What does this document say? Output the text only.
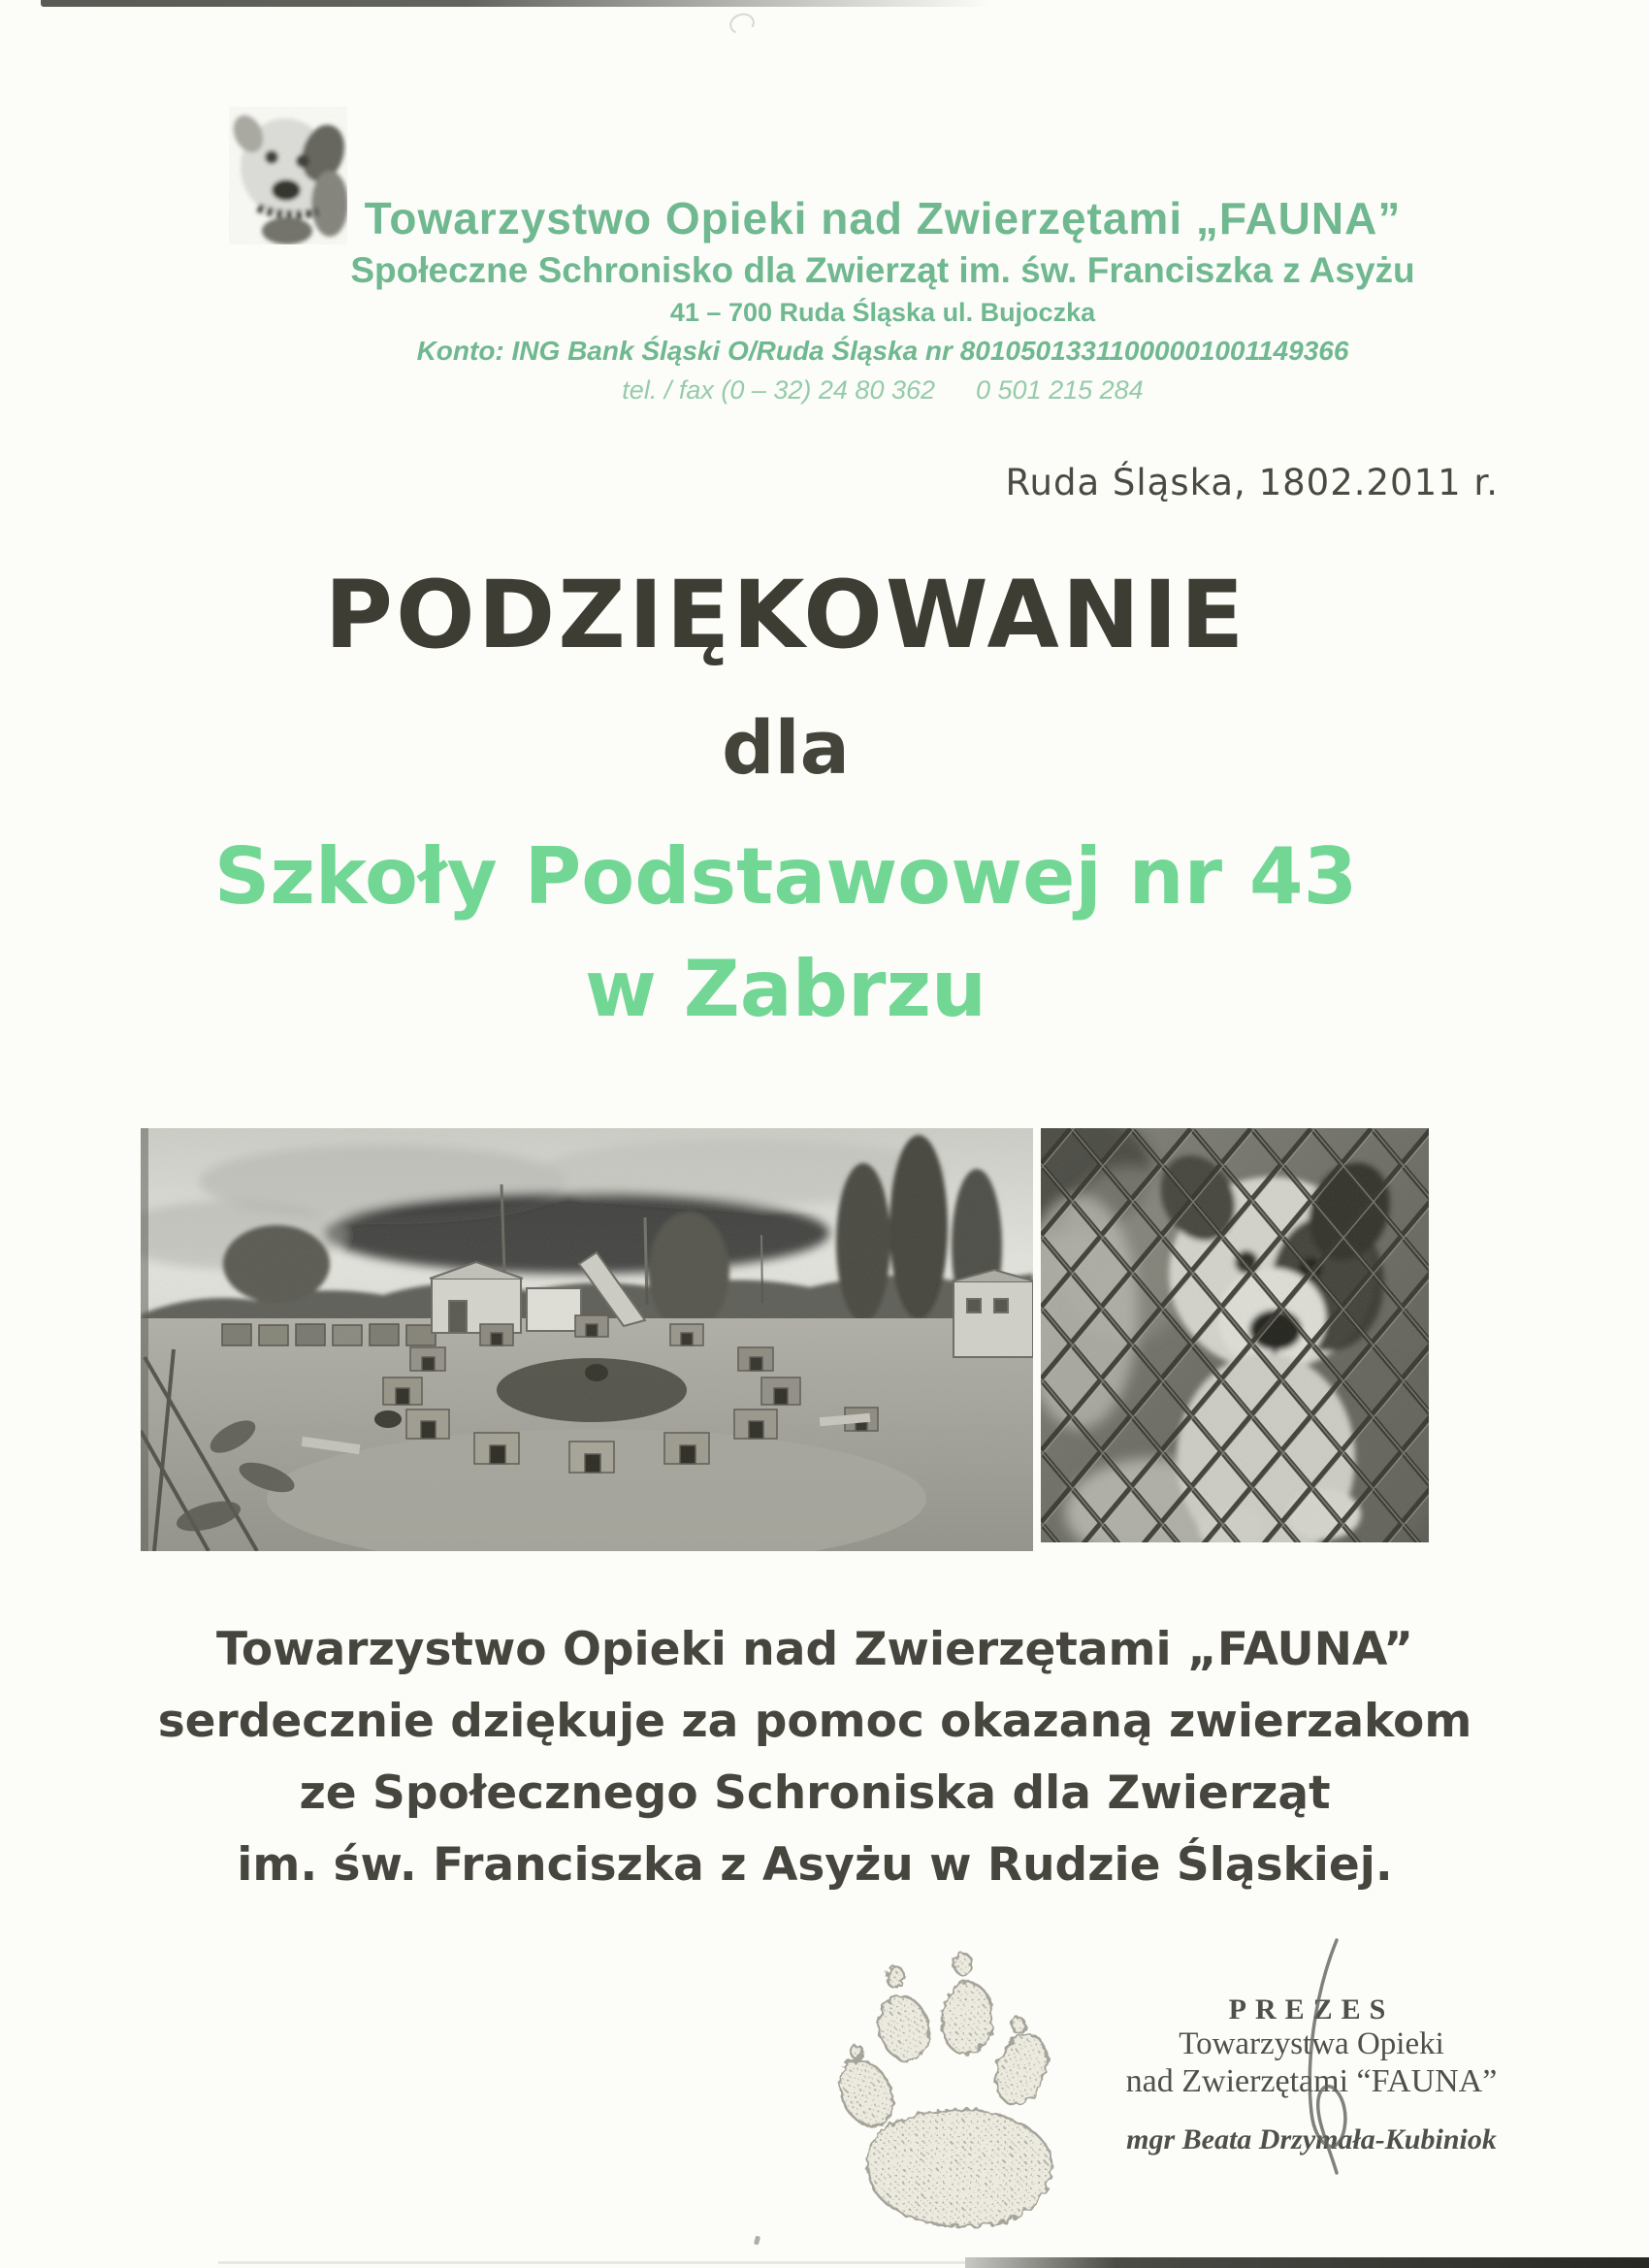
Towarzystwo Opieki nad Zwierzętami „FAUNA”
Społeczne Schronisko dla Zwierząt im. św. Franciszka z Asyżu
41 – 700 Ruda Śląska ul. Bujoczka
Konto: ING Bank Śląski O/Ruda Śląska nr 80105013311000001001149366
tel. / fax (0 – 32) 24 80 362 0 501 215 284
Ruda Śląska, 1802.2011 r.
PODZIĘKOWANIE
dla
Szkoły Podstawowej nr 43
w Zabrzu
Towarzystwo Opieki nad Zwierzętami „FAUNA”
serdecznie dziękuje za pomoc okazaną zwierzakom
ze Społecznego Schroniska dla Zwierząt
im. św. Franciszka z Asyżu w Rudzie Śląskiej.
PREZES
Towarzystwa Opieki
nad Zwierzętami “FAUNA”
mgr Beata Drzymała-Kubiniok
